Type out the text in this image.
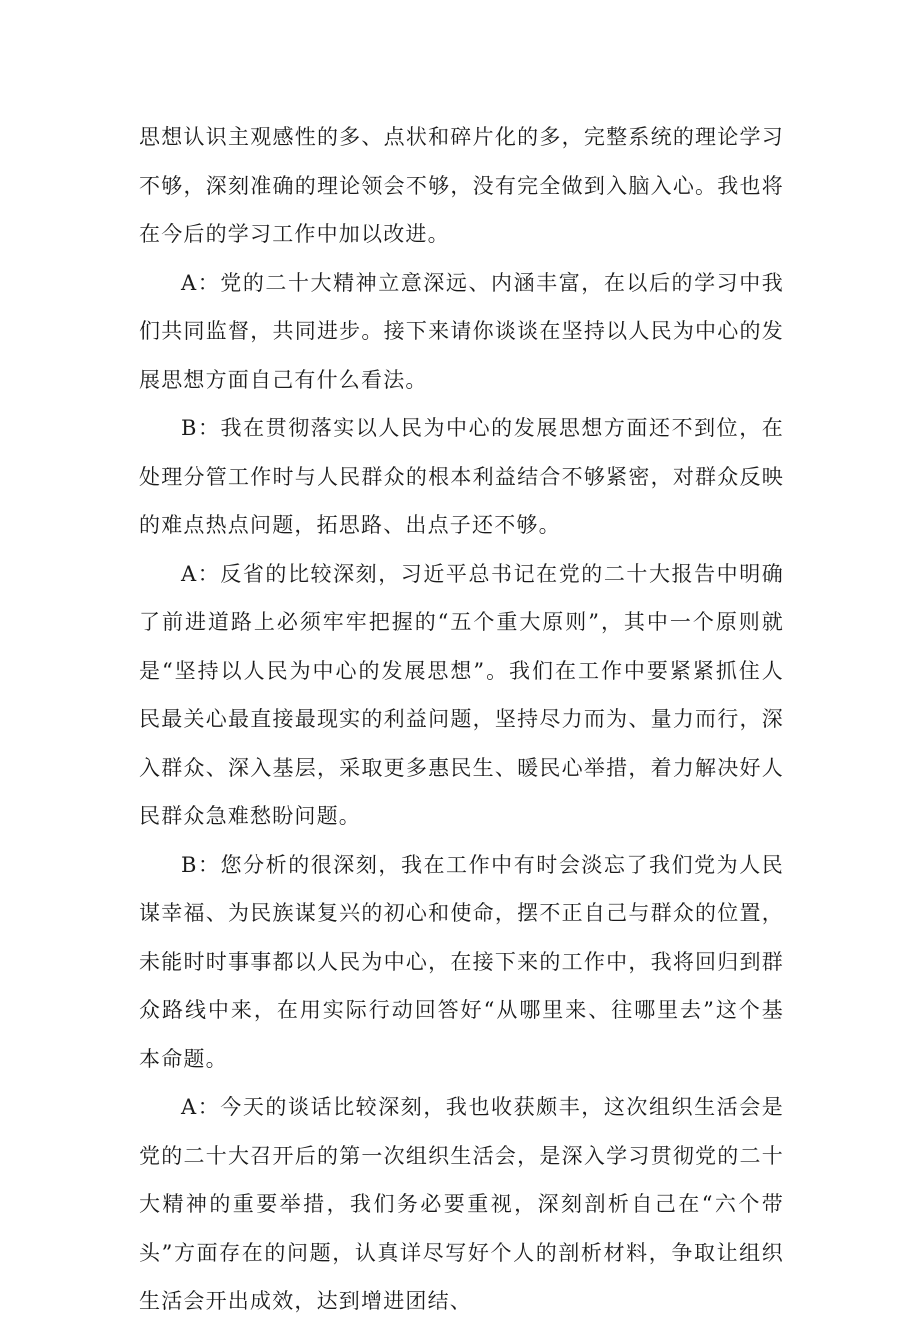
思想认识主观感性的多、点状和碎片化的多，完整系统的理论学习不够，深刻准确的理论领会不够，没有完全做到入脑入心。我也将在今后的学习工作中加以改进。

A：党的二十大精神立意深远、内涵丰富，在以后的学习中我们共同监督，共同进步。接下来请你谈谈在坚持以人民为中心的发展思想方面自己有什么看法。

B：我在贯彻落实以人民为中心的发展思想方面还不到位，在处理分管工作时与人民群众的根本利益结合不够紧密，对群众反映的难点热点问题，拓思路、出点子还不够。

A：反省的比较深刻，习近平总书记在党的二十大报告中明确了前进道路上必须牢牢把握的“五个重大原则”，其中一个原则就是“坚持以人民为中心的发展思想”。我们在工作中要紧紧抓住人民最关心最直接最现实的利益问题，坚持尽力而为、量力而行，深入群众、深入基层，采取更多惠民生、暖民心举措，着力解决好人民群众急难愁盼问题。

B：您分析的很深刻，我在工作中有时会淡忘了我们党为人民谋幸福、为民族谋复兴的初心和使命，摆不正自己与群众的位置，未能时时事事都以人民为中心，在接下来的工作中，我将回归到群众路线中来，在用实际行动回答好“从哪里来、往哪里去”这个基本命题。

A：今天的谈话比较深刻，我也收获颇丰，这次组织生活会是党的二十大召开后的第一次组织生活会，是深入学习贯彻党的二十大精神的重要举措，我们务必要重视，深刻剖析自己在“六个带头”方面存在的问题，认真详尽写好个人的剖析材料，争取让组织生活会开出成效，达到增进团结、
